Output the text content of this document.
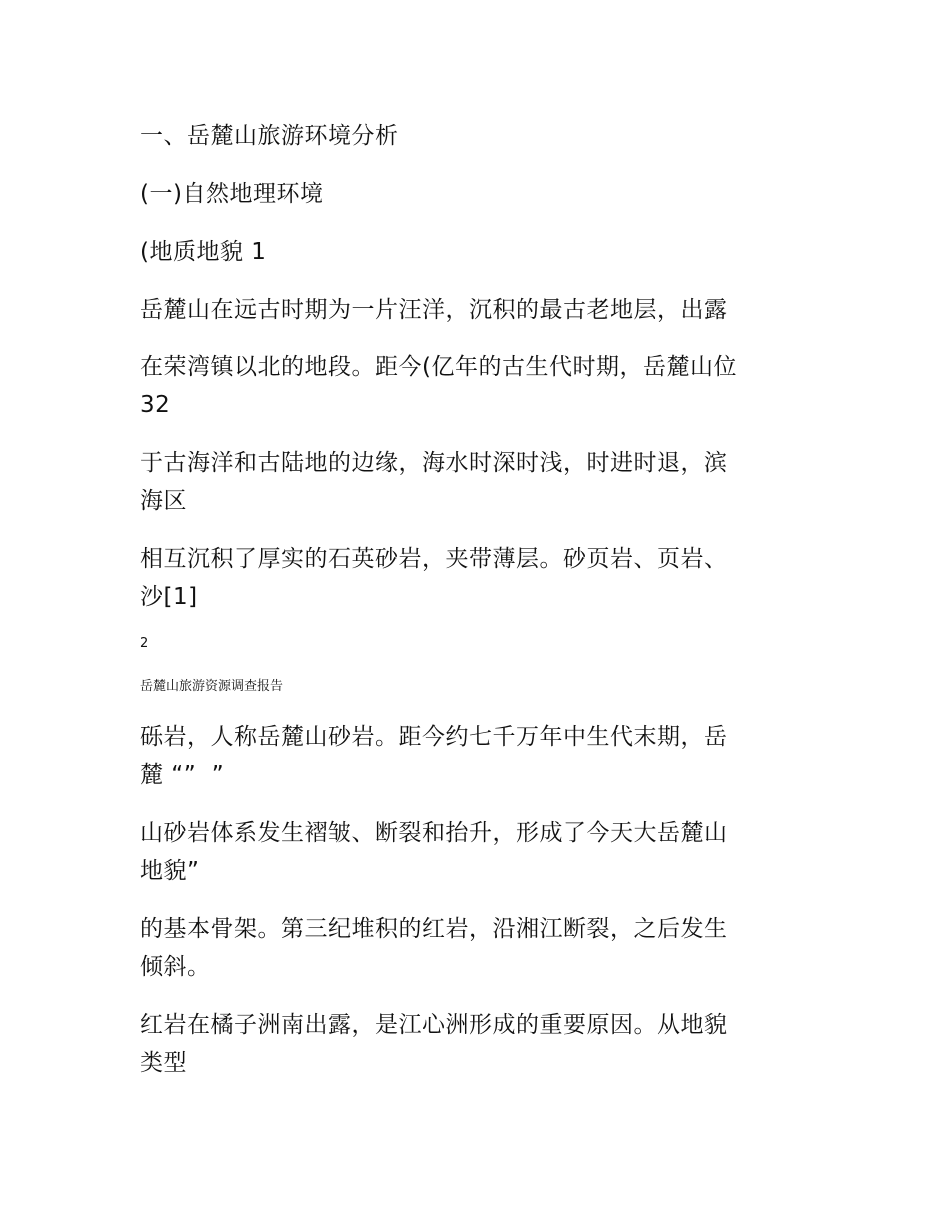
一、岳麓山旅游环境分析

(一)自然地理环境

(地质地貌 1

岳麓山在远古时期为一片汪洋，沉积的最古老地层，出露

在荣湾镇以北的地段。距今(亿年的古生代时期，岳麓山位

32

于古海洋和古陆地的边缘，海水时深时浅，时进时退，滨

海区

相互沉积了厚实的石英砂岩，夹带薄层。砂页岩、页岩、

沙[1]

2

岳麓山旅游资源调查报告

砾岩，人称岳麓山砂岩。距今约七千万年中生代末期，岳

麓 “”  ”

山砂岩体系发生褶皱、断裂和抬升，形成了今天大岳麓山

地貌”

的基本骨架。第三纪堆积的红岩，沿湘江断裂，之后发生

倾斜。

红岩在橘子洲南出露，是江心洲形成的重要原因。从地貌

类型
